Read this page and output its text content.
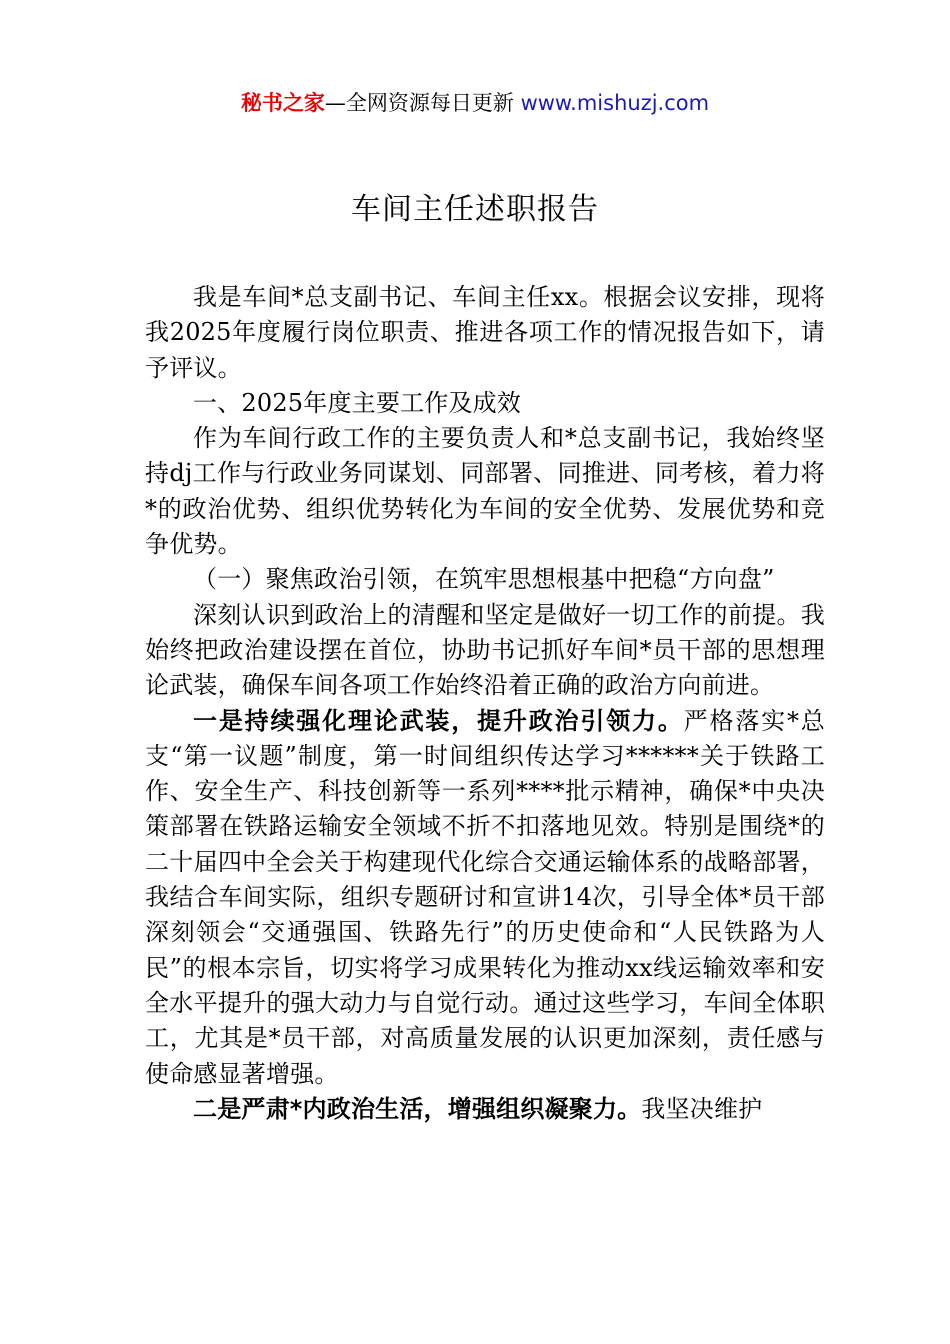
秘书之家—全网资源每日更新 www.mishuzj.com
车间主任述职报告

我是车间*总支副书记、车间主任xx。根据会议安排，现将我2025年度履行岗位职责、推进各项工作的情况报告如下，请予评议。

一、2025年度主要工作及成效

作为车间行政工作的主要负责人和*总支副书记，我始终坚持dj工作与行政业务同谋划、同部署、同推进、同考核，着力将*的政治优势、组织优势转化为车间的安全优势、发展优势和竞争优势。

（一）聚焦政治引领，在筑牢思想根基中把稳“方向盘”

深刻认识到政治上的清醒和坚定是做好一切工作的前提。我始终把政治建设摆在首位，协助书记抓好车间*员干部的思想理论武装，确保车间各项工作始终沿着正确的政治方向前进。

一是持续强化理论武装，提升政治引领力。严格落实*总支“第一议题”制度，第一时间组织传达学习******关于铁路工作、安全生产、科技创新等一系列****批示精神，确保*中央决策部署在铁路运输安全领域不折不扣落地见效。特别是围绕*的二十届四中全会关于构建现代化综合交通运输体系的战略部署，我结合车间实际，组织专题研讨和宣讲14次，引导全体*员干部深刻领会“交通强国、铁路先行”的历史使命和“人民铁路为人民”的根本宗旨，切实将学习成果转化为推动xx线运输效率和安全水平提升的强大动力与自觉行动。通过这些学习，车间全体职工，尤其是*员干部，对高质量发展的认识更加深刻，责任感与使命感显著增强。

二是严肃*内政治生活，增强组织凝聚力。我坚决维护
